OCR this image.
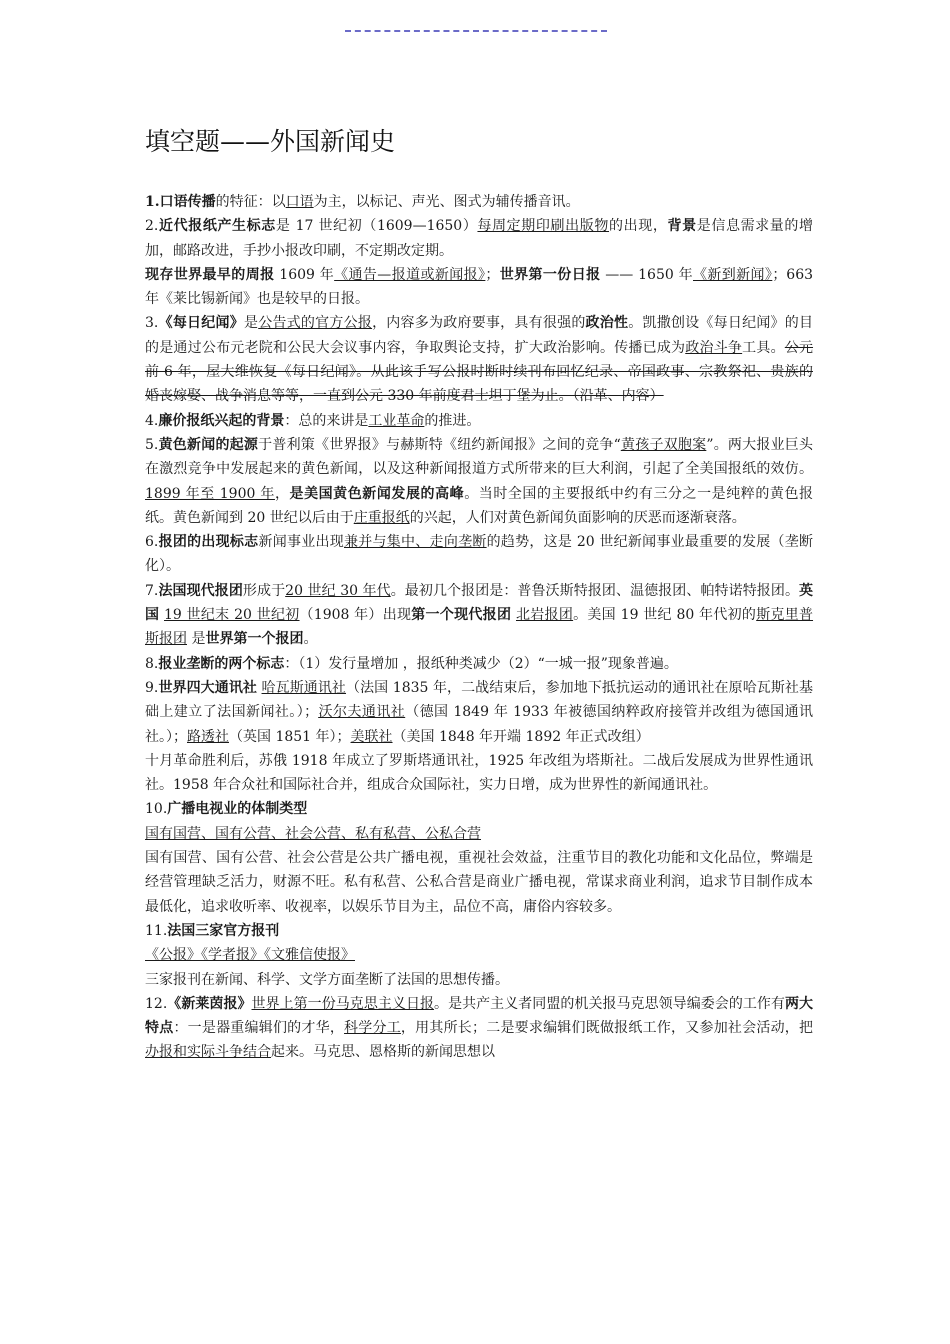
填空题——外国新闻史

1.口语传播的特征：以口语为主，以标记、声光、图式为辅传播音讯。

2.近代报纸产生标志是 17 世纪初（1609—1650）每周定期印刷出版物的出现，背景是信息需求量的增加，邮路改进，手抄小报改印刷，不定期改定期。

现存世界最早的周报 1609 年《通告—报道或新闻报》；世界第一份日报 —— 1650 年《新到新闻》；663 年《莱比锡新闻》也是较早的日报。

3.《每日纪闻》是公告式的官方公报，内容多为政府要事，具有很强的政治性。凯撒创设《每日纪闻》的目的是通过公布元老院和公民大会议事内容，争取舆论支持，扩大政治影响。传播已成为政治斗争工具。公元前 6 年，屋大维恢复《每日纪闻》。从此该手写公报时断时续刊布回忆纪录、帝国政事、宗教祭祀、贵族的婚丧嫁娶、战争消息等等，一直到公元 330 年前度君士坦丁堡为止。（沿革、内容）

4.廉价报纸兴起的背景：总的来讲是工业革命的推进。

5.黄色新闻的起源于普利策《世界报》与赫斯特《纽约新闻报》之间的竞争“黄孩子双胞案”。两大报业巨头在激烈竞争中发展起来的黄色新闻，以及这种新闻报道方式所带来的巨大利润，引起了全美国报纸的效仿。1899 年至 1900 年，是美国黄色新闻发展的高峰。当时全国的主要报纸中约有三分之一是纯粹的黄色报纸。黄色新闻到 20 世纪以后由于庄重报纸的兴起，人们对黄色新闻负面影响的厌恶而逐渐衰落。

6.报团的出现标志新闻事业出现兼并与集中、走向垄断的趋势，这是 20 世纪新闻事业最重要的发展（垄断化）。

7.法国现代报团形成于20 世纪 30 年代。最初几个报团是：普鲁沃斯特报团、温德报团、帕特诺特报团。英国 19 世纪末 20 世纪初（1908 年）出现第一个现代报团 北岩报团。美国 19 世纪 80 年代初的斯克里普斯报团 是世界第一个报团。

8.报业垄断的两个标志：（1）发行量增加 ，报纸种类减少（2）“一城一报”现象普遍。

9.世界四大通讯社 哈瓦斯通讯社（法国 1835 年，二战结束后，参加地下抵抗运动的通讯社在原哈瓦斯社基础上建立了法国新闻社。）；沃尔夫通讯社（德国 1849 年 1933 年被德国纳粹政府接管并改组为德国通讯社。）；路透社（英国 1851 年）；美联社（美国 1848 年开端 1892 年正式改组）

十月革命胜利后，苏俄 1918 年成立了罗斯塔通讯社，1925 年改组为塔斯社。二战后发展成为世界性通讯社。1958 年合众社和国际社合并，组成合众国际社，实力日增，成为世界性的新闻通讯社。

10.广播电视业的体制类型

国有国营、国有公营、社会公营、私有私营、公私合营

国有国营、国有公营、社会公营是公共广播电视，重视社会效益，注重节目的教化功能和文化品位，弊端是经营管理缺乏活力，财源不旺。私有私营、公私合营是商业广播电视，常谋求商业利润，追求节目制作成本最低化，追求收听率、收视率，以娱乐节目为主，品位不高，庸俗内容较多。

11.法国三家官方报刊

《公报》《学者报》《文雅信使报》

三家报刊在新闻、科学、文学方面垄断了法国的思想传播。

12.《新莱茵报》世界上第一份马克思主义日报。是共产主义者同盟的机关报马克思领导编委会的工作有两大特点：一是器重编辑们的才华，科学分工，用其所长；二是要求编辑们既做报纸工作，又参加社会活动，把办报和实际斗争结合起来。马克思、恩格斯的新闻思想以
